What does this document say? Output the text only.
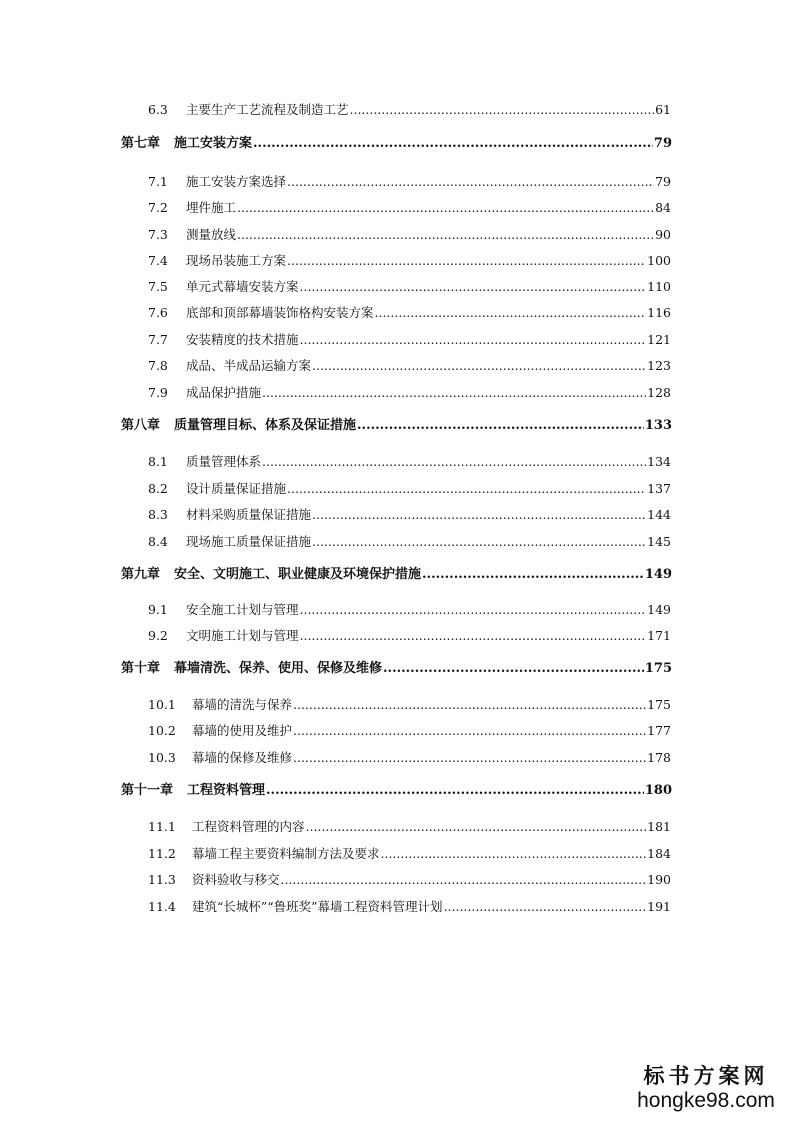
6.3	主要生产工艺流程及制造工艺 .....	61
第七章 施工安装方案 .....	79
7.1	施工安装方案选择 .....	79
7.2	埋件施工 .....	84
7.3	测量放线 .....	90
7.4	现场吊装施工方案 .....	100
7.5	单元式幕墙安装方案 .....	110
7.6	底部和顶部幕墙装饰格构安装方案 .....	116
7.7	安装精度的技术措施 .....	121
7.8	成品、半成品运输方案 .....	123
7.9	成品保护措施 .....	128
第八章 质量管理目标、体系及保证措施 .....	133
8.1	质量管理体系 .....	134
8.2	设计质量保证措施 .....	137
8.3	材料采购质量保证措施 .....	144
8.4	现场施工质量保证措施 .....	145
第九章 安全、文明施工、职业健康及环境保护措施 .....	149
9.1	安全施工计划与管理 .....	149
9.2	文明施工计划与管理 .....	171
第十章 幕墙清洗、保养、使用、保修及维修 .....	175
10.1	幕墙的清洗与保养 .....	175
10.2	幕墙的使用及维护 .....	177
10.3	幕墙的保修及维修 .....	178
第十一章 工程资料管理 .....	180
11.1	工程资料管理的内容 .....	181
11.2	幕墙工程主要资料编制方法及要求 .....	184
11.3	资料验收与移交 .....	190
11.4	建筑“长城杯”“鲁班奖”幕墙工程资料管理计划 .....	191
标书方案网
hongke98.com
